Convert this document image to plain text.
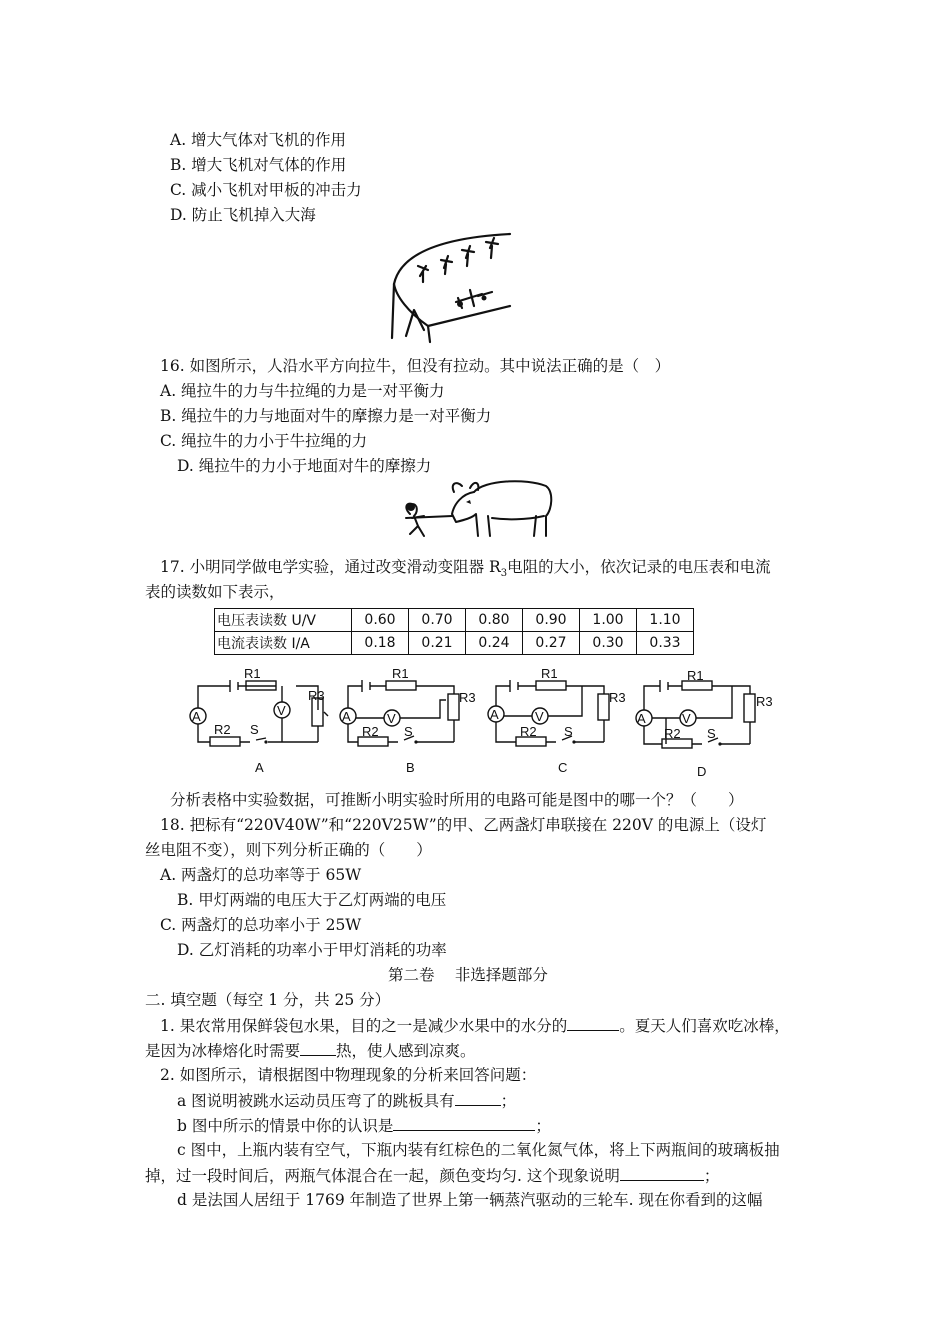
A. 增大气体对飞机的作用
B. 增大飞机对气体的作用
C. 减小飞机对甲板的冲击力
D. 防止飞机掉入大海
16. 如图所示，人沿水平方向拉牛，但没有拉动。其中说法正确的是（　）
A. 绳拉牛的力与牛拉绳的力是一对平衡力
B. 绳拉牛的力与地面对牛的摩擦力是一对平衡力
C. 绳拉牛的力小于牛拉绳的力
D. 绳拉牛的力小于地面对牛的摩擦力
17. 小明同学做电学实验，通过改变滑动变阻器 $R_3$电阻的大小，依次记录的电压表和电流
表的读数如下表示，
电压表读数 U/V	0.60	0.70	0.80	0.90	1.00	1.10
电流表读数 I/A	0.18	0.21	0.24	0.27	0.30	0.33
R1
R3
A	V
R2 S
R1
R3
A	V
R2 S
R1
R3
A	V
R2 S
R1
R3
A	V
R2 S
A	B	C	D
分析表格中实验数据，可推断小明实验时所用的电路可能是图中的哪一个？（　　）
18. 把标有“220V40W”和“220V25W”的甲、乙两盏灯串联接在 220V 的电源上（设灯
丝电阻不变），则下列分析正确的（　　）
A. 两盏灯的总功率等于 65W
B. 甲灯两端的电压大于乙灯两端的电压
C. 两盏灯的总功率小于 25W
D. 乙灯消耗的功率小于甲灯消耗的功率
第二卷　 非选择题部分
二. 填空题（每空 1 分，共 25 分）
1. 果农常用保鲜袋包水果，目的之一是减少水果中的水分的	。夏天人们喜欢吃冰棒，
是因为冰棒熔化时需要 热，使人感到凉爽。
2. 如图所示，请根据图中物理现象的分析来回答问题：
a 图说明被跳水运动员压弯了的跳板具有	；
b 图中所示的情景中你的认识是	；
c 图中，上瓶内装有空气，下瓶内装有红棕色的二氧化氮气体，将上下两瓶间的玻璃板抽
掉，过一段时间后，两瓶气体混合在一起，颜色变均匀. 这个现象说明	；
d 是法国人居纽于 1769 年制造了世界上第一辆蒸汽驱动的三轮车. 现在你看到的这幅
